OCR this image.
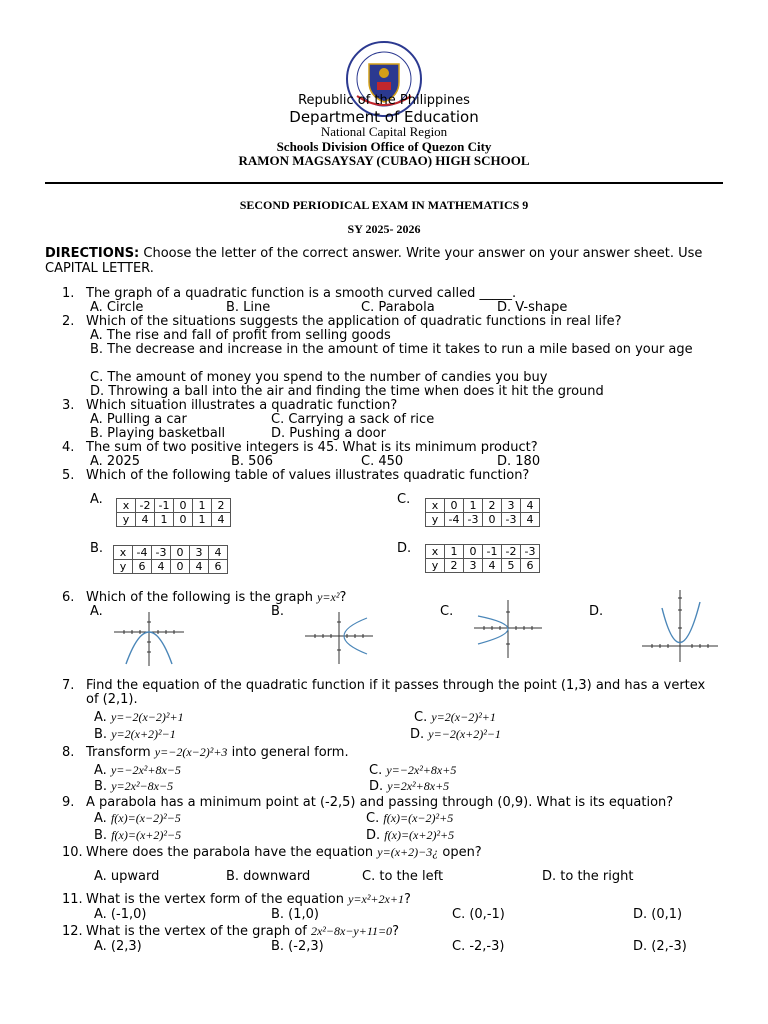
Republic of the Philippines
Department of Education
National Capital Region
Schools Division Office of Quezon City
RAMON MAGSAYSAY (CUBAO) HIGH SCHOOL
SECOND PERIODICAL EXAM IN MATHEMATICS 9
SY 2025- 2026
DIRECTIONS: Choose the letter of the correct answer. Write your answer on your answer sheet. Use CAPITAL LETTER.
1. The graph of a quadratic function is a smooth curved called _____.
A. Circle	B. Line	C. Parabola	D. V-shape
2. Which of the situations suggests the application of quadratic functions in real life?
A. The rise and fall of profit from selling goods
B. The decrease and increase in the amount of time it takes to run a mile based on your age
C. The amount of money you spend to the number of candies you buy
D. Throwing a ball into the air and finding the time when does it hit the ground
3. Which situation illustrates a quadratic function?
A. Pulling a car	C. Carrying a sack of rice
B. Playing basketball	D. Pushing a door
4. The sum of two positive integers is 45. What is its minimum product?
A. 2025	B. 506	C. 450	D. 180
5. Which of the following table of values illustrates quadratic function?
A.	C.
B.	D.
x	-2	-1	0	1	2
y	4	1	0	1	4
x	0	1	2	3	4
y	-4	-3	0	-3	4
x	-4	-3	0	3	4
y	6	4	0	4	6
x	1	0	-1	-2	-3
y	2	3	4	5	6
6. Which of the following is the graph y=x²?
A.	B.	C.	D.
7. Find the equation of the quadratic function if it passes through the point (1,3) and has a vertex
of (2,1).
A. y=−2(x−2)²+1	C. y=2(x−2)²+1
B. y=2(x+2)²−1	D. y=−2(x+2)²−1
8. Transform y=−2(x−2)²+3 into general form.
A. y=−2x²+8x−5	C. y=−2x²+8x+5
B. y=2x²−8x−5	D. y=2x²+8x+5
9. A parabola has a minimum point at (-2,5) and passing through (0,9). What is its equation?
A. f(x)=(x−2)²−5	C. f(x)=(x−2)²+5
B. f(x)=(x+2)²−5	D. f(x)=(x+2)²+5
10. Where does the parabola have the equation y=(x+2)−3¿ open?
A. upward	B. downward	C. to the left	D. to the right
11. What is the vertex form of the equation y=x²+2x+1?
A. (-1,0)	B. (1,0)	C. (0,-1)	D. (0,1)
12. What is the vertex of the graph of 2x²−8x−y+11=0?
A. (2,3)	B. (-2,3)	C. -2,-3)	D. (2,-3)
